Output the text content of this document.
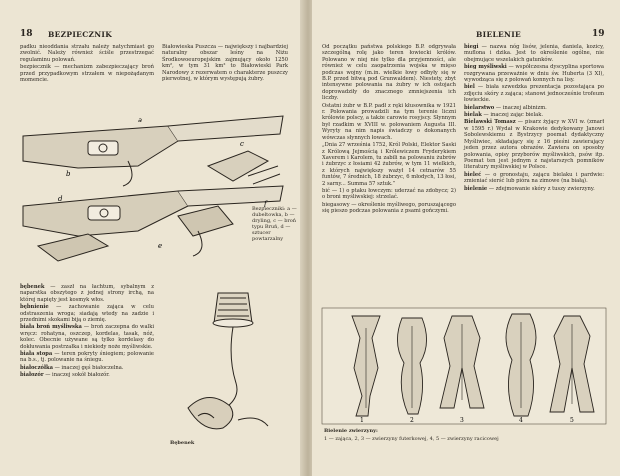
18 BEZPIECZNIK

padku nieoddania strzału należy natychmiast go zwolnić. Należy również ściśle przestrzegać regulaminu polowań.

bezpiecznik — mechanizm zabezpieczający broń przed przypadkowym strzałem w niepożądanym momencie.

Białowieska Puszcza — największy i najbardziej naturalny obszar leśny na Niżu Środkowoeuropejskim zajmujący około 1250 km², w tym 31 km² to Białowieski Park Narodowy z rezerwatem o charakterze puszczy pierwotnej, w którym występują żubry.

a
b
c
d
e
f
Bezpieczniki: a — dubeltowka, b — dryling, c — broń typu Bruń, d — sztucer powtarzalny

bębenek — zaszł na łachtum, sybalnym z naparstka obszytego z jednej strony irchą, na której napięty jest kosmyk włos.

bębnienie — zachowanie zająca w celu odstraszenia wroga; siadają wtedy na zadzie i przednimi skokami biją o ziemię.

biała broń myśliwska — broń zaczepna do walki wręcz: rohatyna, oszczep, kordelas, tasak, nóż, kolec. Obecnie używane są tylko kordelasy do dokłuwania postrzałka i niekiedy noże myśliwskie.

biała stopa — teren pokryty śniegiem; polowanie na b.s., tj. polowanie na śniegu.

białoczółka — inaczej gęś białoczelna.

białozór — inaczej sokół białozór.

Bębenek
BIELENIE	19

Od początku państwa polskiego B.P. odgrywała szczególną rolę jako teren łowiecki królów. Polowano w niej nie tylko dla przyjemności, ale również w celu zaopatrzenia wojska w mięso podczas wojny (m.in. wielkie łowy odbyły się w B.P. przed bitwą pod Grunwaldem). Niestety, zbyt intensywne polowania na żubry w ich ostojach doprowadziły do znacznego zmniejszenia ich liczby.

Ostatni żubr w B.P. padł z ręki kłusownika w 1921 r. Polowania prowadzili na tym terenie liczni królowie polscy, a także carowie rosyjscy. Słynnym był rzadkim w XVIII w. polowaniem Augusta III. Wyryty na nim napis świadczy o dokonanych wówczas słynnych łowach.

„Dnia 27 września 1752, Król Polski, Elektor Saski z Królową Jejmością i Królewiczem Fryderykiem Xaverem i Karolem, tu zabili na polowaniu żubrów i żubrzyc z łosiami 42 żubrów, w tym 11 wielkich, z których największy ważył 14 cetnarów 55 funtów, 7 średnich, 18 żubrzyc, 6 młodych, 13 łosi, 2 sarny... Summa 57 sztuk.”

bić — 1) o ptaku łowczym: uderzać na zdobycz; 2) o broni myśliwskiej: strzelać.

biegasowy — określenie myśliwego, poruszającego się pieszo podczas polowania z psami gończymi.

biegi — nazwa nóg lisów, jelenia, daniela, kozicy, muflona i dzika. Jest to określenie ogólne, nie obejmujące wszelakich gatunków.

bieg myśliwski — współczesna dyscyplina sportowa rozgrywana przeważnie w dniu św. Huberta (3 XI), wywodząca się z polowań konnych na lisy.

biel — biała szwedzka prezentacja pozostająca po zdjęciu skóry z zająca; stanowi jednocześnie trofeum łowieckie.

bielarstwo — inaczej albinizm.

bielak — inaczej zając bielak.

Bielawski Tomasz — pisarz żyjący w XVI w. (zmarł w 1595 r.) Wydał w Krakowie dedykowany Janowi Sobolewskiemu z Bystrzycy poemat dydaktyczny Myśliwiec, składający się z 16 pieśni zawierający jeden przez autora obrazów. Zawiera on sposoby polowania, opisy przyborów myśliwskich, psów itp. Poemat ten jest jednym z najstarszych pomników literatury myśliwskiej w Polsce.

bieleć — o gronostaju, zającu bielaku i pardwie: zmieniać sierść lub pióra na zimowe (na białą).

bielenie — zdejmowanie skóry z tuszy zwierzyny.

1	2	3	4	5
Bielenie zwierzyny:
1 — zająca, 2, 3 — zwierzyny futerkowej, 4, 5 — zwierzyny racicowej
